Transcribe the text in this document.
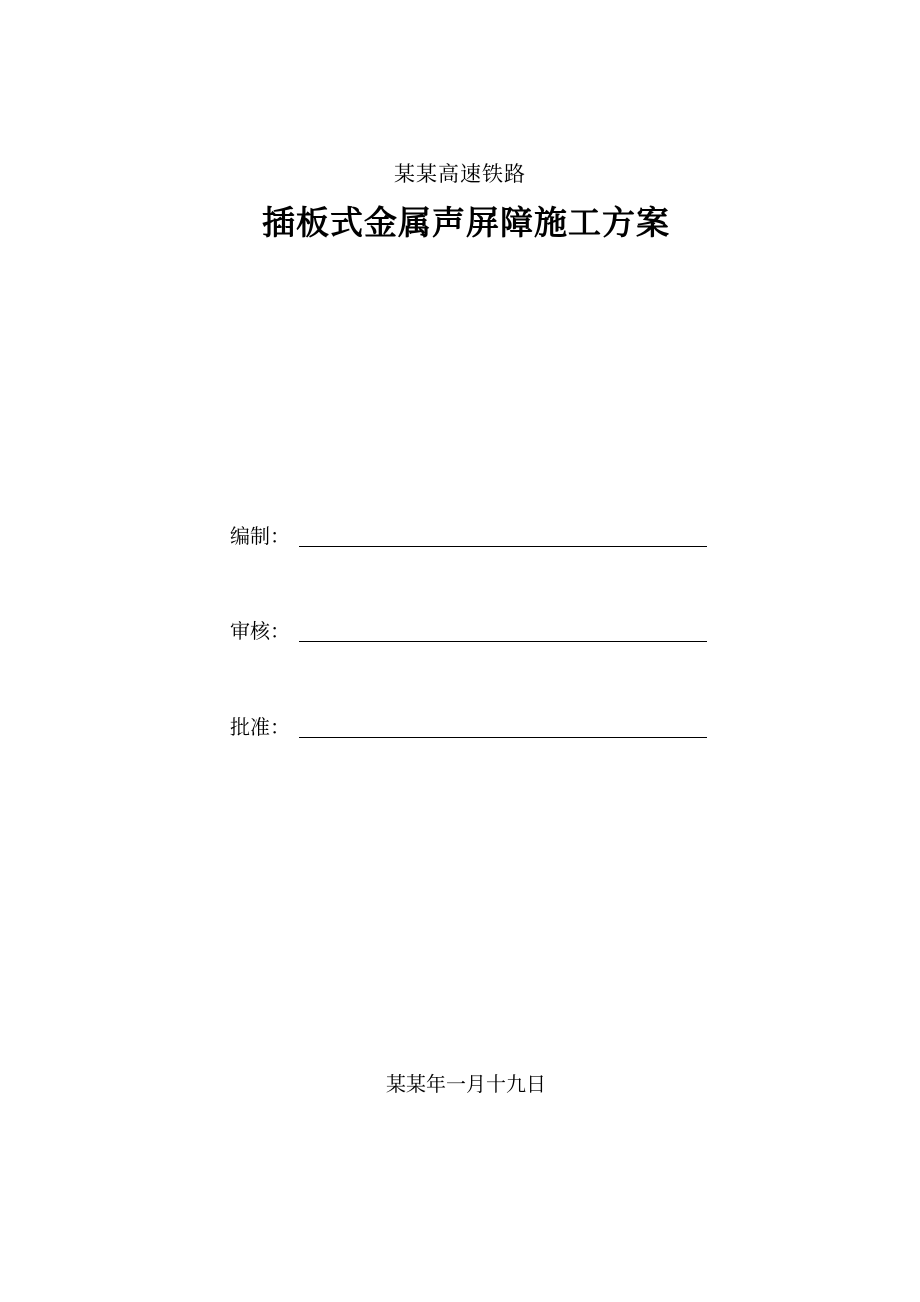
某某高速铁路
插板式金属声屏障施工方案
编制：
审核：
批准：
某某年一月十九日
